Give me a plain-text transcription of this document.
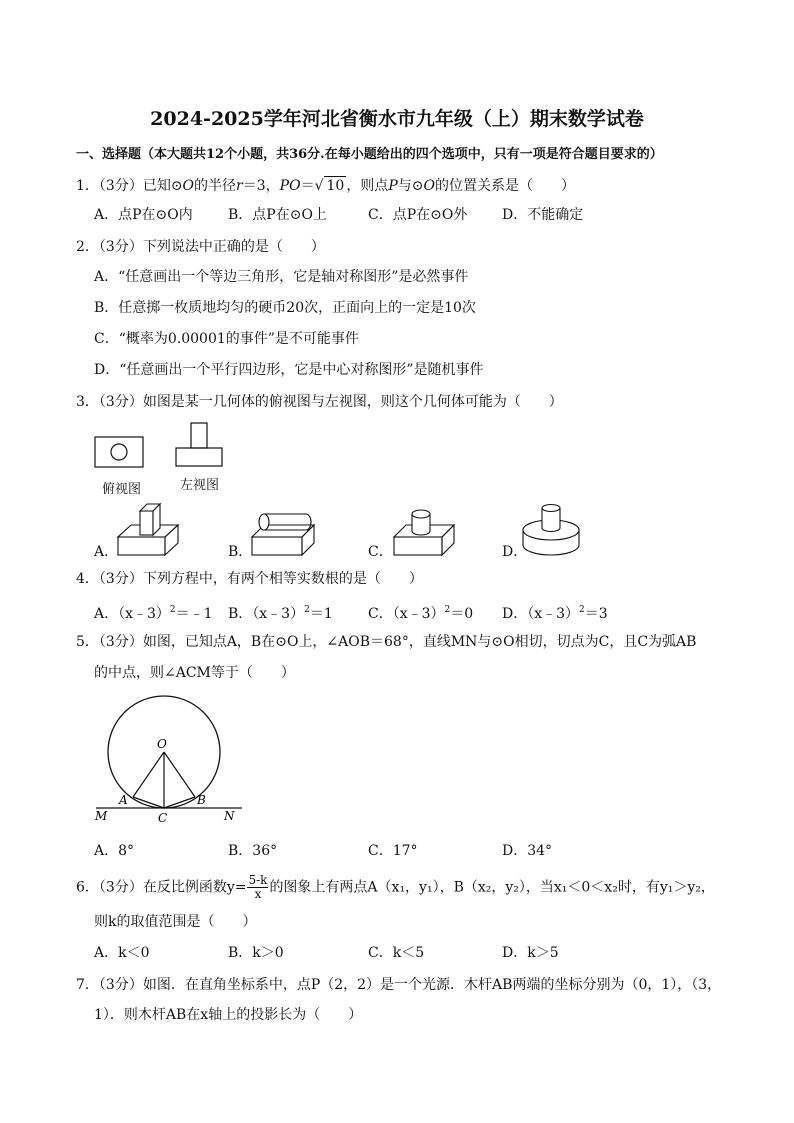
2024-2025学年河北省衡水市九年级（上）期末数学试卷
一、选择题（本大题共12个小题，共36分.在每小题给出的四个选项中，只有一项是符合题目要求的）
1．（3分）已知⊙O的半径r＝3，PO＝√ 10 ，则点P与⊙O的位置关系是（　　）
A．点P在⊙O内	B．点P在⊙O上	C．点P在⊙O外 D．不能确定
2．（3分）下列说法中正确的是（　　）
A．“任意画出一个等边三角形，它是轴对称图形”是必然事件
B．任意掷一枚质地均匀的硬币20次，正面向上的一定是10次
C．“概率为0.00001的事件”是不可能事件
D．“任意画出一个平行四边形，它是中心对称图形”是随机事件
3．（3分）如图是某一几何体的俯视图与左视图，则这个几何体可能为（　　）
俯视图	左视图
A．	B．	C．	D．
4．（3分）下列方程中，有两个相等实数根的是（　　）
A．（x﹣3）$^2$＝﹣1 B．（x﹣3）$^2$＝1	C．（x﹣3）$^2$＝0 D．（x﹣3）$^2$＝3
5．（3分）如图，已知点A，B在⊙O上，∠AOB＝68°，直线MN与⊙O相切，切点为C，且C为弧AB
的中点，则∠ACM等于（　　）
O
A	B
C
M	N
A．8°	B．36°	C．17°	D．34°
6．（3分）在反比例函数$y= \frac{5-k}{x}$ 的图象上有两点A（x₁，y₁），B（x₂，y₂），当x₁＜0＜x₂时，有y₁＞y₂，
则k的取值范围是（　　）
A．k＜0	B．k＞0	C．k＜5	D．k＞5
7．（3分）如图．在直角坐标系中，点P（2，2）是一个光源．木杆AB两端的坐标分别为（0，1），（3，
1）．则木杆AB在x轴上的投影长为（　　）
